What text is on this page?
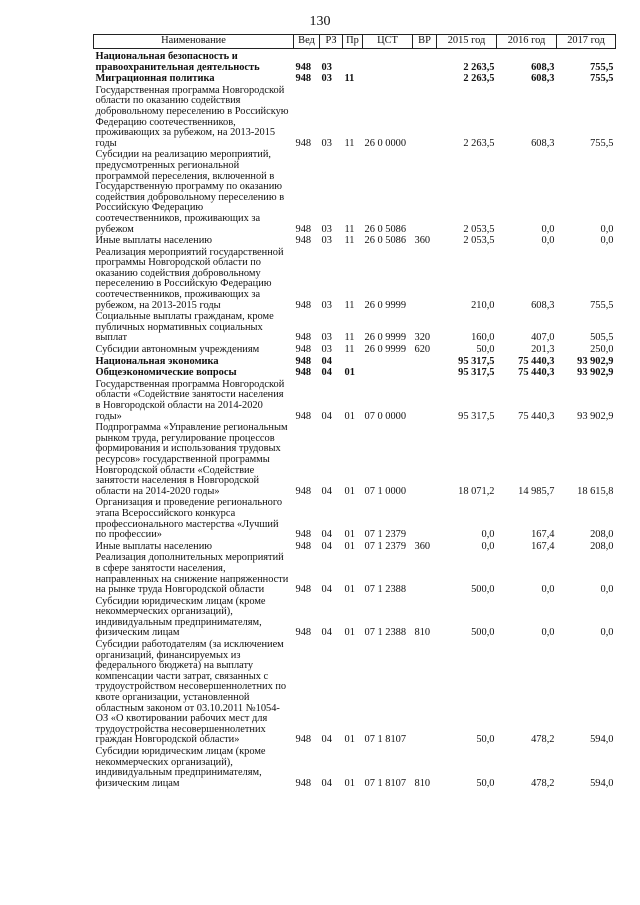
130
Наименование	Вед	РЗ	Пр	ЦСТ	ВР	2015 год	2016 год	2017 год
Национальная безопасность и правоохранительная деятельность	948	03				2 263,5	608,3	755,5
Миграционная политика	948	03	11			2 263,5	608,3	755,5
Государственная программа Новгородской области по оказанию содействия добровольному переселению в Российскую Федерацию соотечественников, проживающих за рубежом, на 2013-2015 годы	948	03	11	26 0 0000		2 263,5	608,3	755,5
Субсидии на реализацию мероприятий, предусмотренных региональной программой переселения, включенной в Государственную программу по оказанию содействия добровольному переселению в Российскую Федерацию соотечественников, проживающих за рубежом	948	03	11	26 0 5086		2 053,5	0,0	0,0
Иные выплаты населению	948	03	11	26 0 5086	360	2 053,5	0,0	0,0
Реализация мероприятий государственной программы Новгородской области по оказанию содействия добровольному переселению в Российскую Федерацию соотечественников, проживающих за рубежом, на 2013-2015 годы	948	03	11	26 0 9999		210,0	608,3	755,5
Социальные выплаты гражданам, кроме публичных нормативных социальных выплат	948	03	11	26 0 9999	320	160,0	407,0	505,5
Субсидии автономным учреждениям	948	03	11	26 0 9999	620	50,0	201,3	250,0
Национальная экономика	948	04				95 317,5	75 440,3	93 902,9
Общеэкономические вопросы	948	04	01			95 317,5	75 440,3	93 902,9
Государственная программа Новгородской области «Содействие занятости населения в Новгородской области на 2014-2020 годы»	948	04	01	07 0 0000		95 317,5	75 440,3	93 902,9
Подпрограмма «Управление региональным рынком труда, регулирование процессов формирования и использования трудовых ресурсов» государственной программы Новгородской области «Содействие занятости населения в Новгородской области на 2014-2020 годы»	948	04	01	07 1 0000		18 071,2	14 985,7	18 615,8
Организация и проведение регионального этапа Всероссийского конкурса профессионального мастерства «Лучший по профессии»	948	04	01	07 1 2379		0,0	167,4	208,0
Иные выплаты населению	948	04	01	07 1 2379	360	0,0	167,4	208,0
Реализация дополнительных мероприятий в сфере занятости населения, направленных на снижение напряженности на рынке труда Новгородской области	948	04	01	07 1 2388		500,0	0,0	0,0
Субсидии юридическим лицам (кроме некоммерческих организаций), индивидуальным предпринимателям, физическим лицам	948	04	01	07 1 2388	810	500,0	0,0	0,0
Субсидии работодателям (за исключением организаций, финансируемых из федерального бюджета) на выплату компенсации части затрат, связанных с трудоустройством несовершеннолетних по квоте организации, установленной областным законом от 03.10.2011 №1054-ОЗ «О квотировании рабочих мест для трудоустройства несовершеннолетних граждан Новгородской области»	948	04	01	07 1 8107		50,0	478,2	594,0
Субсидии юридическим лицам (кроме некоммерческих организаций), индивидуальным предпринимателям, физическим лицам	948	04	01	07 1 8107	810	50,0	478,2	594,0
